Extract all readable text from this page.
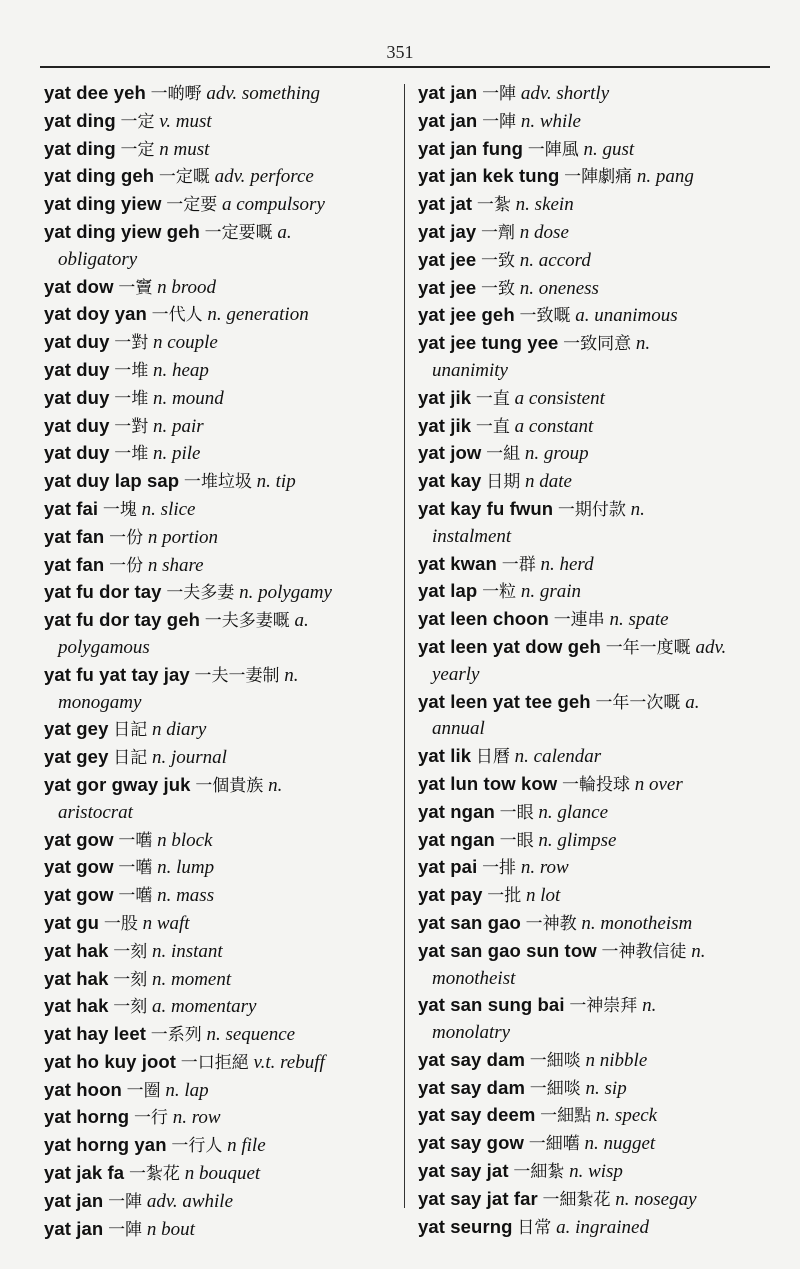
351
yat dee yeh 一啲嘢 adv. something
yat ding 一定 v. must
yat ding 一定 n must
yat ding geh 一定嘅 adv. perforce
yat ding yiew 一定要 a compulsory
yat ding yiew geh 一定要嘅 a.
obligatory
yat dow 一竇 n brood
yat doy yan 一代人 n. generation
yat duy 一對 n couple
yat duy 一堆 n. heap
yat duy 一堆 n. mound
yat duy 一對 n. pair
yat duy 一堆 n. pile
yat duy lap sap 一堆垃圾 n. tip
yat fai 一塊 n. slice
yat fan 一份 n portion
yat fan 一份 n share
yat fu dor tay 一夫多妻 n. polygamy
yat fu dor tay geh 一夫多妻嘅 a.
polygamous
yat fu yat tay jay 一夫一妻制 n.
monogamy
yat gey 日記 n diary
yat gey 日記 n. journal
yat gor gway juk 一個貴族 n.
aristocrat
yat gow 一嚿 n block
yat gow 一嚿 n. lump
yat gow 一嚿 n. mass
yat gu 一股 n waft
yat hak 一刻 n. instant
yat hak 一刻 n. moment
yat hak 一刻 a. momentary
yat hay leet 一系列 n. sequence
yat ho kuy joot 一口拒絕 v.t. rebuff
yat hoon 一圈 n. lap
yat horng 一行 n. row
yat horng yan 一行人 n file
yat jak fa 一紮花 n bouquet
yat jan 一陣 adv. awhile
yat jan 一陣 n bout
yat jan 一陣 adv. shortly
yat jan 一陣 n. while
yat jan fung 一陣風 n. gust
yat jan kek tung 一陣劇痛 n. pang
yat jat 一紮 n. skein
yat jay 一劑 n dose
yat jee 一致 n. accord
yat jee 一致 n. oneness
yat jee geh 一致嘅 a. unanimous
yat jee tung yee 一致同意 n.
unanimity
yat jik 一直 a consistent
yat jik 一直 a constant
yat jow 一組 n. group
yat kay 日期 n date
yat kay fu fwun 一期付款 n.
instalment
yat kwan 一群 n. herd
yat lap 一粒 n. grain
yat leen choon 一連串 n. spate
yat leen yat dow geh 一年一度嘅 adv.
yearly
yat leen yat tee geh 一年一次嘅 a.
annual
yat lik 日曆 n. calendar
yat lun tow kow 一輪投球 n over
yat ngan 一眼 n. glance
yat ngan 一眼 n. glimpse
yat pai 一排 n. row
yat pay 一批 n lot
yat san gao 一神教 n. monotheism
yat san gao sun tow 一神教信徒 n.
monotheist
yat san sung bai 一神崇拜 n.
monolatry
yat say dam 一細啖 n nibble
yat say dam 一細啖 n. sip
yat say deem 一細點 n. speck
yat say gow 一細嚿 n. nugget
yat say jat 一細紮 n. wisp
yat say jat far 一細紮花 n. nosegay
yat seurng 日常 a. ingrained
